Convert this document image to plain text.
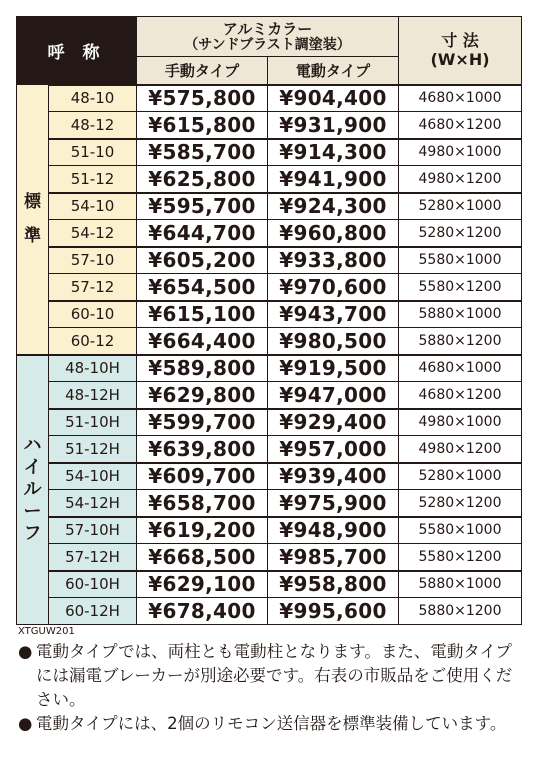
呼 称		アルミカラー
（サンドブラスト調塗装）		寸 法
(W×H)

		手動タイプ	電動タイプ	

標
準	48-10	¥575,800	¥904,400	4680×1000
	48-12	¥615,800	¥931,900	4680×1200
	51-10	¥585,700	¥914,300	4980×1000
	51-12	¥625,800	¥941,900	4980×1200
	54-10	¥595,700	¥924,300	5280×1000
	54-12	¥644,700	¥960,800	5280×1200
	57-10	¥605,200	¥933,800	5580×1000
	57-12	¥654,500	¥970,600	5580×1200
	60-10	¥615,100	¥943,700	5880×1000
	60-12	¥664,400	¥980,500	5880×1200

ハ
イ
ル
ー
フ	48-10H	¥589,800	¥919,500	4680×1000
	48-12H	¥629,800	¥947,000	4680×1200
	51-10H	¥599,700	¥929,400	4980×1000
	51-12H	¥639,800	¥957,000	4980×1200
	54-10H	¥609,700	¥939,400	5280×1000
	54-12H	¥658,700	¥975,900	5280×1200
	57-10H	¥619,200	¥948,900	5580×1000
	57-12H	¥668,500	¥985,700	5580×1200
	60-10H	¥629,100	¥958,800	5880×1000
	60-12H	¥678,400	¥995,600	5880×1200
XTGUW201
● 電動タイプでは、両柱とも電動柱となります。また、電動タイプには漏電ブレーカーが別途必要です。右表の市販品をご使用ください。
● 電動タイプには、2個のリモコン送信器を標準装備しています。
